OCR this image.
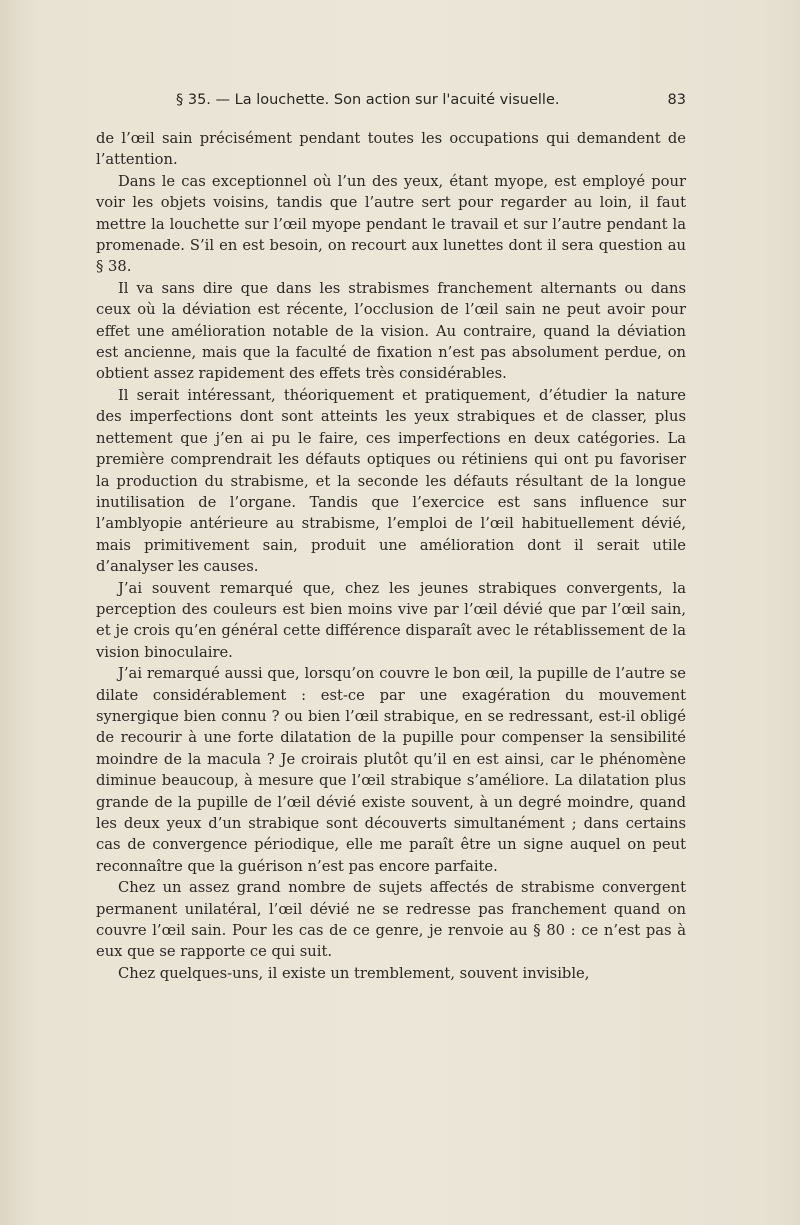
§ 35. — La louchette. Son action sur l'acuité visuelle.	83

de l’œil sain précisément pendant toutes les occupations qui demandent de l’attention.

Dans le cas exceptionnel où l’un des yeux, étant myope, est employé pour voir les objets voisins, tandis que l’autre sert pour regarder au loin, il faut mettre la louchette sur l’œil myope pendant le travail et sur l’autre pendant la promenade. S’il en est besoin, on recourt aux lunettes dont il sera question au § 38.

Il va sans dire que dans les strabismes franchement alternants ou dans ceux où la déviation est récente, l’occlusion de l’œil sain ne peut avoir pour effet une amélioration notable de la vision. Au contraire, quand la déviation est ancienne, mais que la faculté de fixation n’est pas absolument perdue, on obtient assez rapidement des effets très considérables.

Il serait intéressant, théoriquement et pratiquement, d’étudier la nature des imperfections dont sont atteints les yeux strabiques et de classer, plus nettement que j’en ai pu le faire, ces imperfections en deux catégories. La première comprendrait les défauts optiques ou rétiniens qui ont pu favoriser la production du strabisme, et la seconde les défauts résultant de la longue inutilisation de l’organe. Tandis que l’exercice est sans influence sur l’amblyopie antérieure au strabisme, l’emploi de l’œil habituellement dévié, mais primitivement sain, produit une amélioration dont il serait utile d’analyser les causes.

J’ai souvent remarqué que, chez les jeunes strabiques convergents, la perception des couleurs est bien moins vive par l’œil dévié que par l’œil sain, et je crois qu’en général cette différence disparaît avec le rétablissement de la vision binoculaire.

J’ai remarqué aussi que, lorsqu’on couvre le bon œil, la pupille de l’autre se dilate considérablement : est-ce par une exagération du mouvement synergique bien connu ? ou bien l’œil strabique, en se redressant, est-il obligé de recourir à une forte dilatation de la pupille pour compenser la sensibilité moindre de la macula ? Je croirais plutôt qu’il en est ainsi, car le phénomène diminue beaucoup, à mesure que l’œil strabique s’améliore. La dilatation plus grande de la pupille de l’œil dévié existe souvent, à un degré moindre, quand les deux yeux d’un strabique sont découverts simultanément ; dans certains cas de convergence périodique, elle me paraît être un signe auquel on peut reconnaître que la guérison n’est pas encore parfaite.

Chez un assez grand nombre de sujets affectés de strabisme convergent permanent unilatéral, l’œil dévié ne se redresse pas franchement quand on couvre l’œil sain. Pour les cas de ce genre, je renvoie au § 80 : ce n’est pas à eux que se rapporte ce qui suit.

Chez quelques-uns, il existe un tremblement, souvent invisible,
